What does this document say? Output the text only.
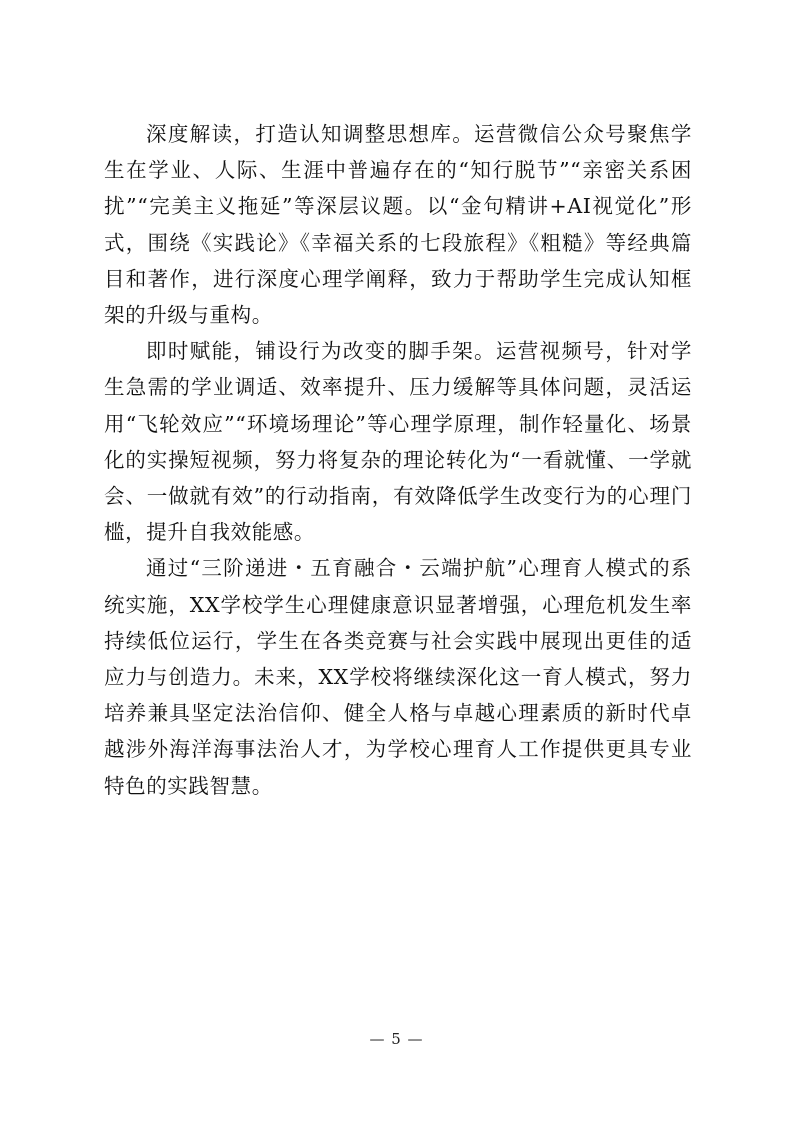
深度解读，打造认知调整思想库。运营微信公众号聚焦学生在学业、人际、生涯中普遍存在的“知行脱节”“亲密关系困扰”“完美主义拖延”等深层议题。以“金句精讲+AI视觉化”形式，围绕《实践论》《幸福关系的七段旅程》《粗糙》等经典篇目和著作，进行深度心理学阐释，致力于帮助学生完成认知框架的升级与重构。

即时赋能，铺设行为改变的脚手架。运营视频号，针对学生急需的学业调适、效率提升、压力缓解等具体问题，灵活运用“飞轮效应”“环境场理论”等心理学原理，制作轻量化、场景化的实操短视频，努力将复杂的理论转化为“一看就懂、一学就会、一做就有效”的行动指南，有效降低学生改变行为的心理门槛，提升自我效能感。

通过“三阶递进・五育融合・云端护航”心理育人模式的系统实施，XX学校学生心理健康意识显著增强，心理危机发生率持续低位运行，学生在各类竞赛与社会实践中展现出更佳的适应力与创造力。未来，XX学校将继续深化这一育人模式，努力培养兼具坚定法治信仰、健全人格与卓越心理素质的新时代卓越涉外海洋海事法治人才，为学校心理育人工作提供更具专业特色的实践智慧。

— 5 —
